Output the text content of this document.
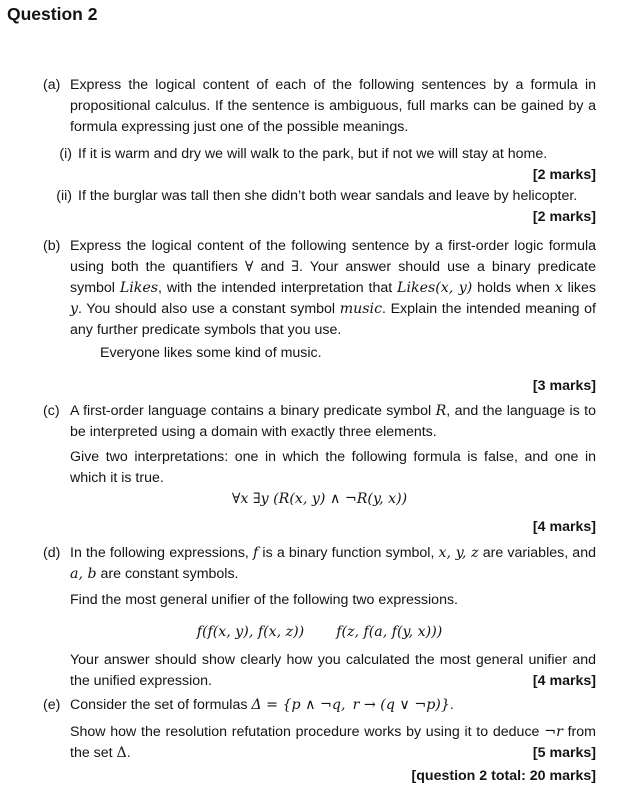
Question 2
(a) Express the logical content of each of the following sentences by a formula in propositional calculus. If the sentence is ambiguous, full marks can be gained by a formula expressing just one of the possible meanings.

(i) If it is warm and dry we will walk to the park, but if not we will stay at home.

[2 marks]
(ii) If the burglar was tall then she didn’t both wear sandals and leave by helicopter.

[2 marks]
(b) Express the logical content of the following sentence by a first-order logic formula using both the quantifiers ∀ and ∃. Your answer should use a binary predicate symbol Likes, with the intended interpretation that Likes(x, y) holds when x likes y. You should also use a constant symbol music. Explain the intended meaning of any further predicate symbols that you use.

Everyone likes some kind of music.
[3 marks]
(c) A first-order language contains a binary predicate symbol R, and the language is to be interpreted using a domain with exactly three elements.

Give two interpretations: one in which the following formula is false, and one in which it is true.

∀x ∃y (R(x, y) ∧ ¬R(y, x))
[4 marks]
(d) In the following expressions, f is a binary function symbol, x, y, z are variables, and a, b are constant symbols.

Find the most general unifier of the following two expressions.

f(f(x, y), f(x, z)) f(z, f(a, f(y, x)))

Your answer should show clearly how you calculated the most general unifier and the unified expression.	[4 marks]

(e) Consider the set of formulas Δ = {p ∧ ¬q, r → (q ∨ ¬p)}.

Show how the resolution refutation procedure works by using it to deduce ¬r from the set Δ.	[5 marks]

[question 2 total: 20 marks]
